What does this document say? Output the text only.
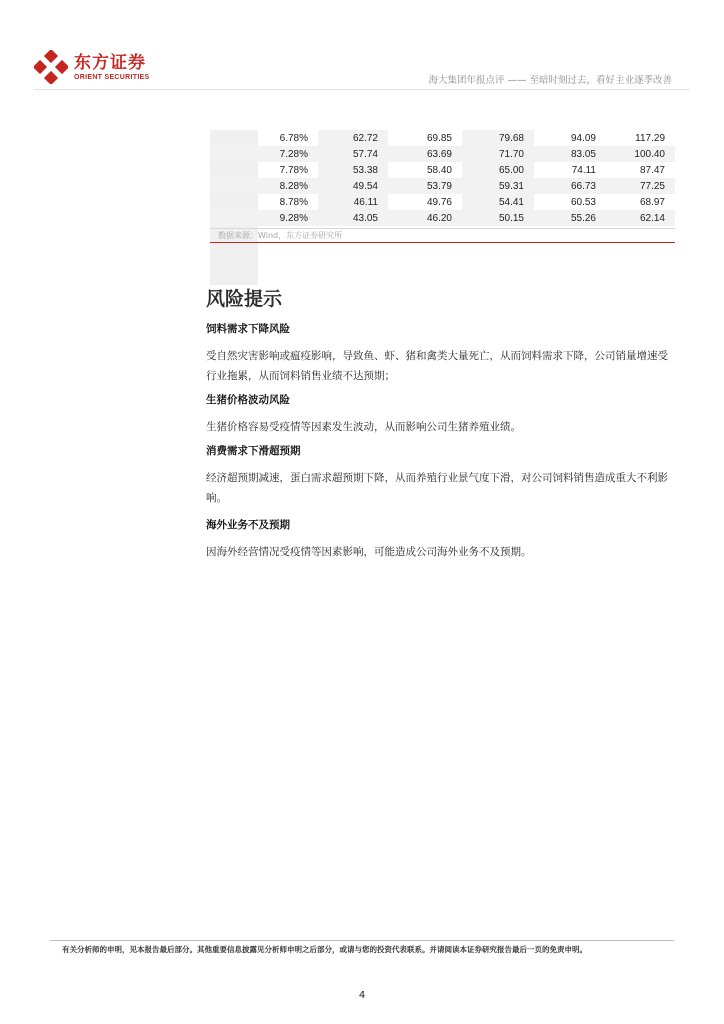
东方证券
ORIENT SECURITIES	海大集团年报点评 —— 至暗时刻过去，看好主业逐季改善
6.78%	62.72	69.85	79.68	94.09	117.29
7.28%	57.74	63.69	71.70	83.05	100.40
7.78%	53.38	58.40	65.00	74.11	87.47
8.28%	49.54	53.79	59.31	66.73	77.25
8.78%	46.11	49.76	54.41	60.53	68.97
9.28%	43.05	46.20	50.15	55.26	62.14
数据来源：Wind，东方证券研究所
风险提示
饲料需求下降风险
受自然灾害影响或瘟疫影响，导致鱼、虾、猪和禽类大量死亡，从而饲料需求下降，公司销量增速受行业拖累，从而饲料销售业绩不达预期；
生猪价格波动风险
生猪价格容易受疫情等因素发生波动，从而影响公司生猪养殖业绩。
消费需求下滑超预期
经济超预期减速，蛋白需求超预期下降，从而养殖行业景气度下滑，对公司饲料销售造成重大不利影响。
海外业务不及预期
因海外经营情况受疫情等因素影响，可能造成公司海外业务不及预期。
有关分析师的申明，见本报告最后部分。其他重要信息披露见分析师申明之后部分，或请与您的投资代表联系。并请阅读本证券研究报告最后一页的免责申明。
4
